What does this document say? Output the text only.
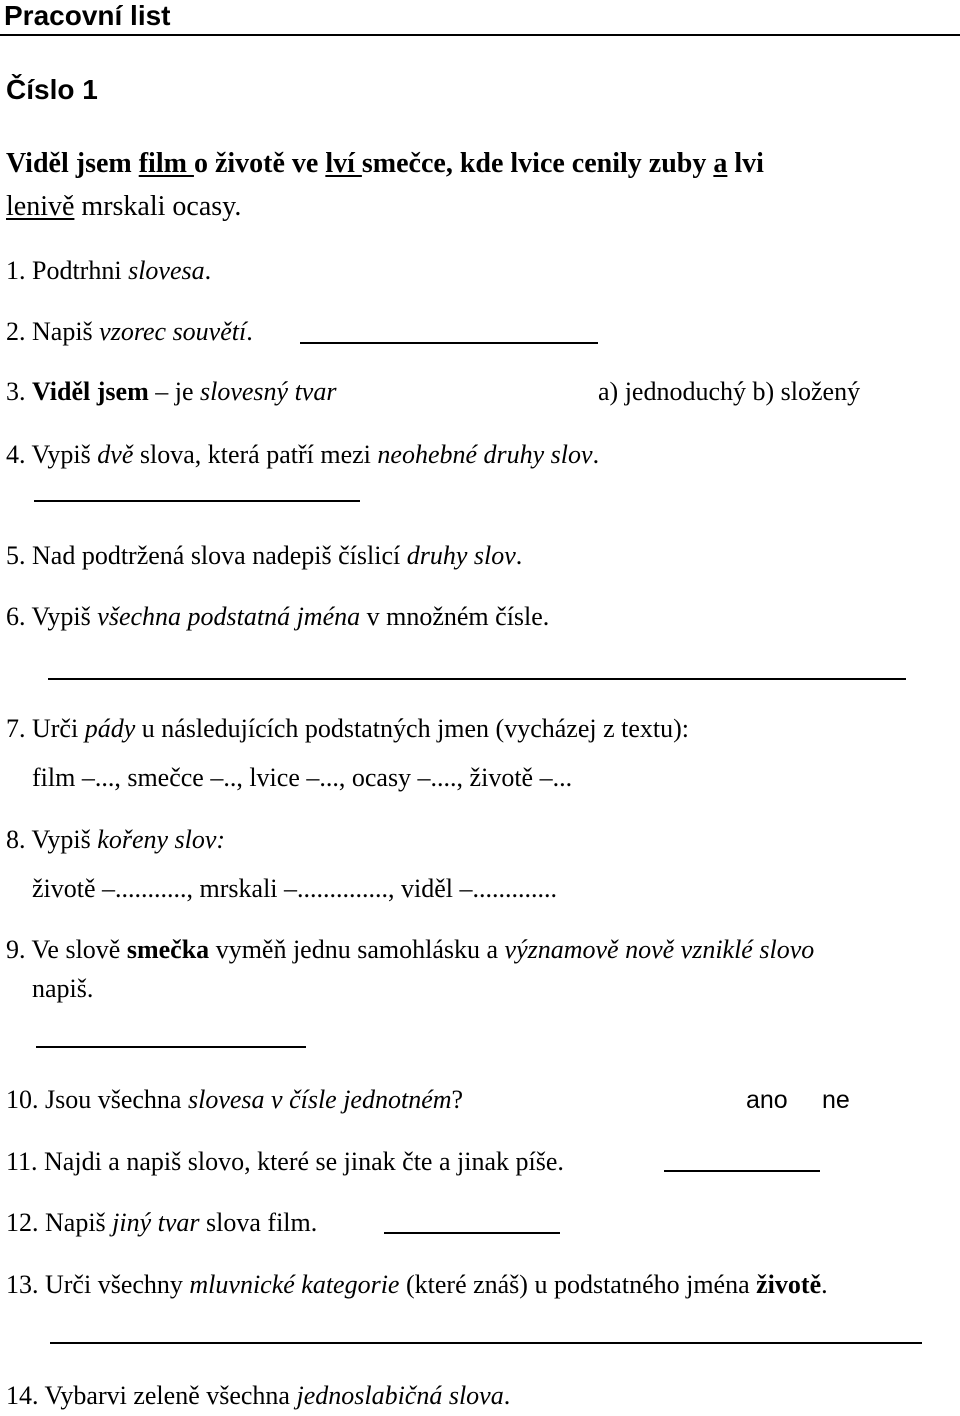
Pracovní list
Číslo 1
Viděl jsem film o životě ve lví smečce, kde lvice cenily zuby a lvi
lenivě mrskali ocasy.
1. Podtrhni slovesa.
2. Napiš vzorec souvětí.
3. Viděl jsem – je slovesný tvar	a) jednoduchý b) složený
4. Vypiš dvě slova, která patří mezi neohebné druhy slov.
5. Nad podtržená slova nadepiš číslicí druhy slov.
6. Vypiš všechna podstatná jména v množném čísle.
7. Urči pády u následujících podstatných jmen (vycházej z textu):
film –..., smečce –.., lvice –..., ocasy –...., životě –...
8. Vypiš kořeny slov:
životě –..........., mrskali –.............., viděl –.............
9. Ve slově smečka vyměň jednu samohlásku a významově nově vzniklé slovo
napiš.
10. Jsou všechna slovesa v čísle jednotném?	ano ne
11. Najdi a napiš slovo, které se jinak čte a jinak píše.
12. Napiš jiný tvar slova film.
13. Urči všechny mluvnické kategorie (které znáš) u podstatného jména životě.
14. Vybarvi zeleně všechna jednoslabičná slova.
